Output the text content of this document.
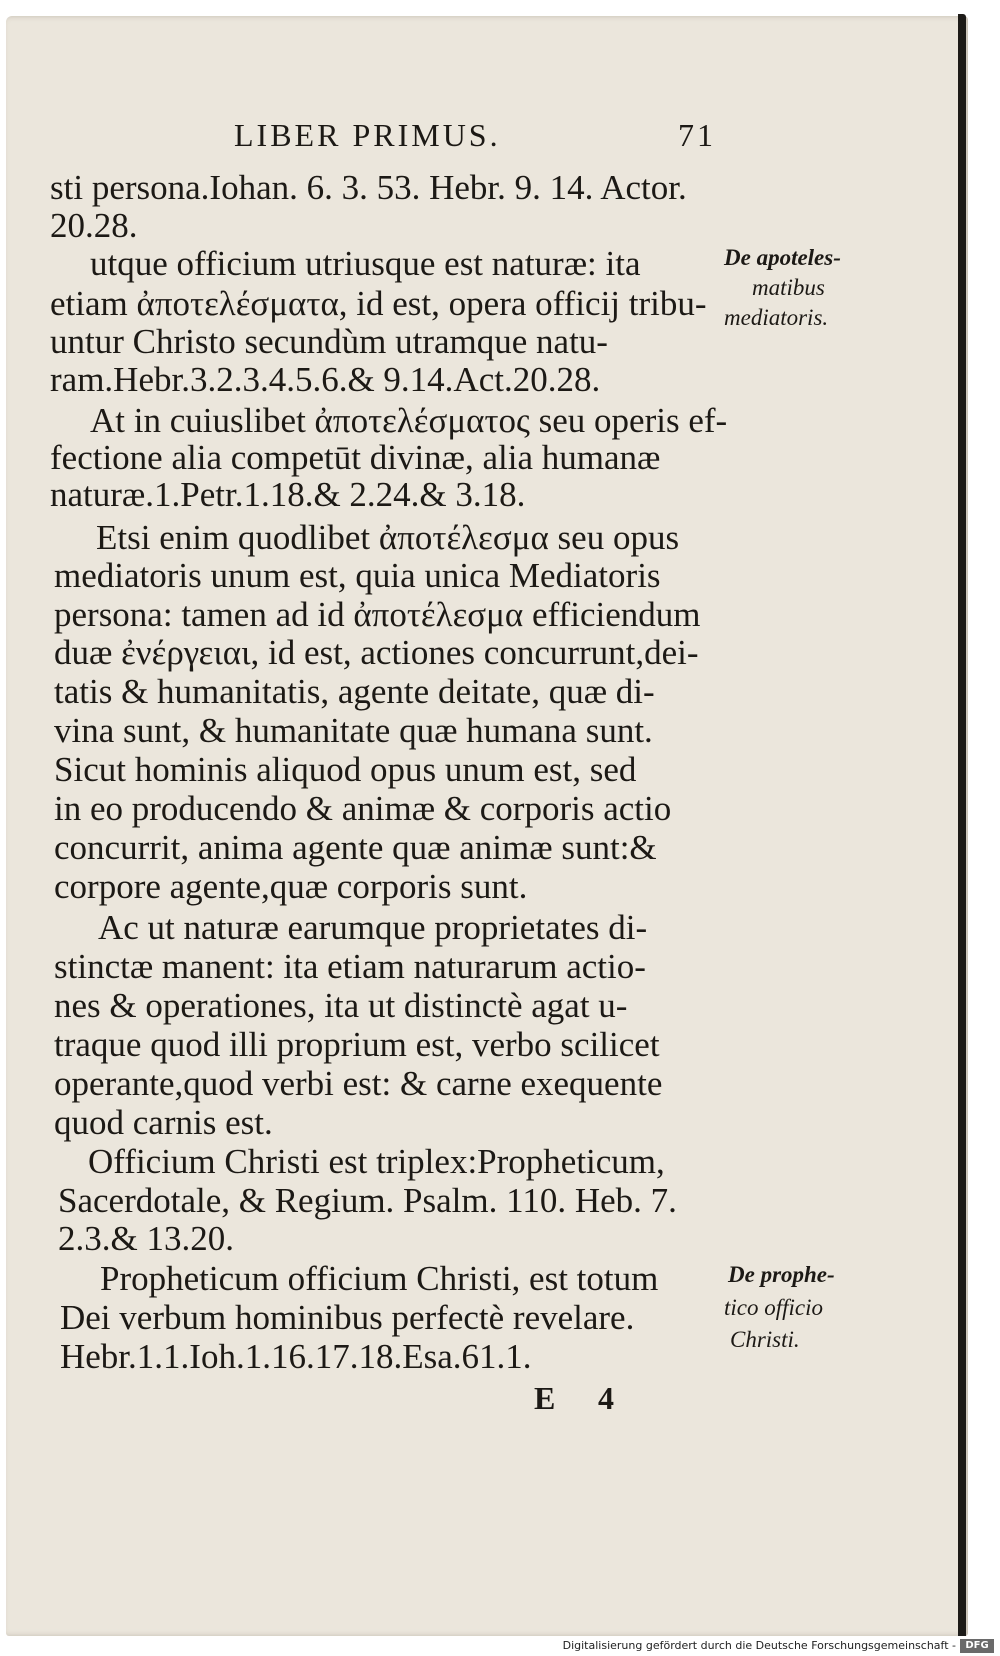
LIBER PRIMUS.	71
sti persona.Iohan. 6. 3. 53. Hebr. 9. 14. Actor.
20.28.
utque officium utriusque est naturæ: ita
etiam ἀποτελέσματα, id est, opera officij tribu-
untur Christo secundùm utramque natu-
ram.Hebr.3.2.3.4.5.6.& 9.14.Act.20.28.
At in cuiuslibet ἀποτελέσματος seu operis ef-
fectione alia competūt divinæ, alia humanæ
naturæ.1.Petr.1.18.& 2.24.& 3.18.
Etsi enim quodlibet ἀποτέλεσμα seu opus
mediatoris unum est, quia unica Mediatoris
persona: tamen ad id ἀποτέλεσμα efficiendum
duæ ἐνέργειαι, id est, actiones concurrunt,dei-
tatis & humanitatis, agente deitate, quæ di-
vina sunt, & humanitate quæ humana sunt.
Sicut hominis aliquod opus unum est, sed
in eo producendo & animæ & corporis actio
concurrit, anima agente quæ animæ sunt:&
corpore agente,quæ corporis sunt.
Ac ut naturæ earumque proprietates di-
stinctæ manent: ita etiam naturarum actio-
nes & operationes, ita ut distinctè agat u-
traque quod illi proprium est, verbo scilicet
operante,quod verbi est: & carne exequente
quod carnis est.
Officium Christi est triplex:Propheticum,
Sacerdotale, & Regium. Psalm. 110. Heb. 7.
2.3.& 13.20.
Propheticum officium Christi, est totum
Dei verbum hominibus perfectè revelare.
Hebr.1.1.Ioh.1.16.17.18.Esa.61.1.
De apoteles-
matibus
mediatoris.
De prophe-
tico officio
Christi.
E 4
Digitalisierung gefördert durch die Deutsche Forschungsgemeinschaft - DFG
